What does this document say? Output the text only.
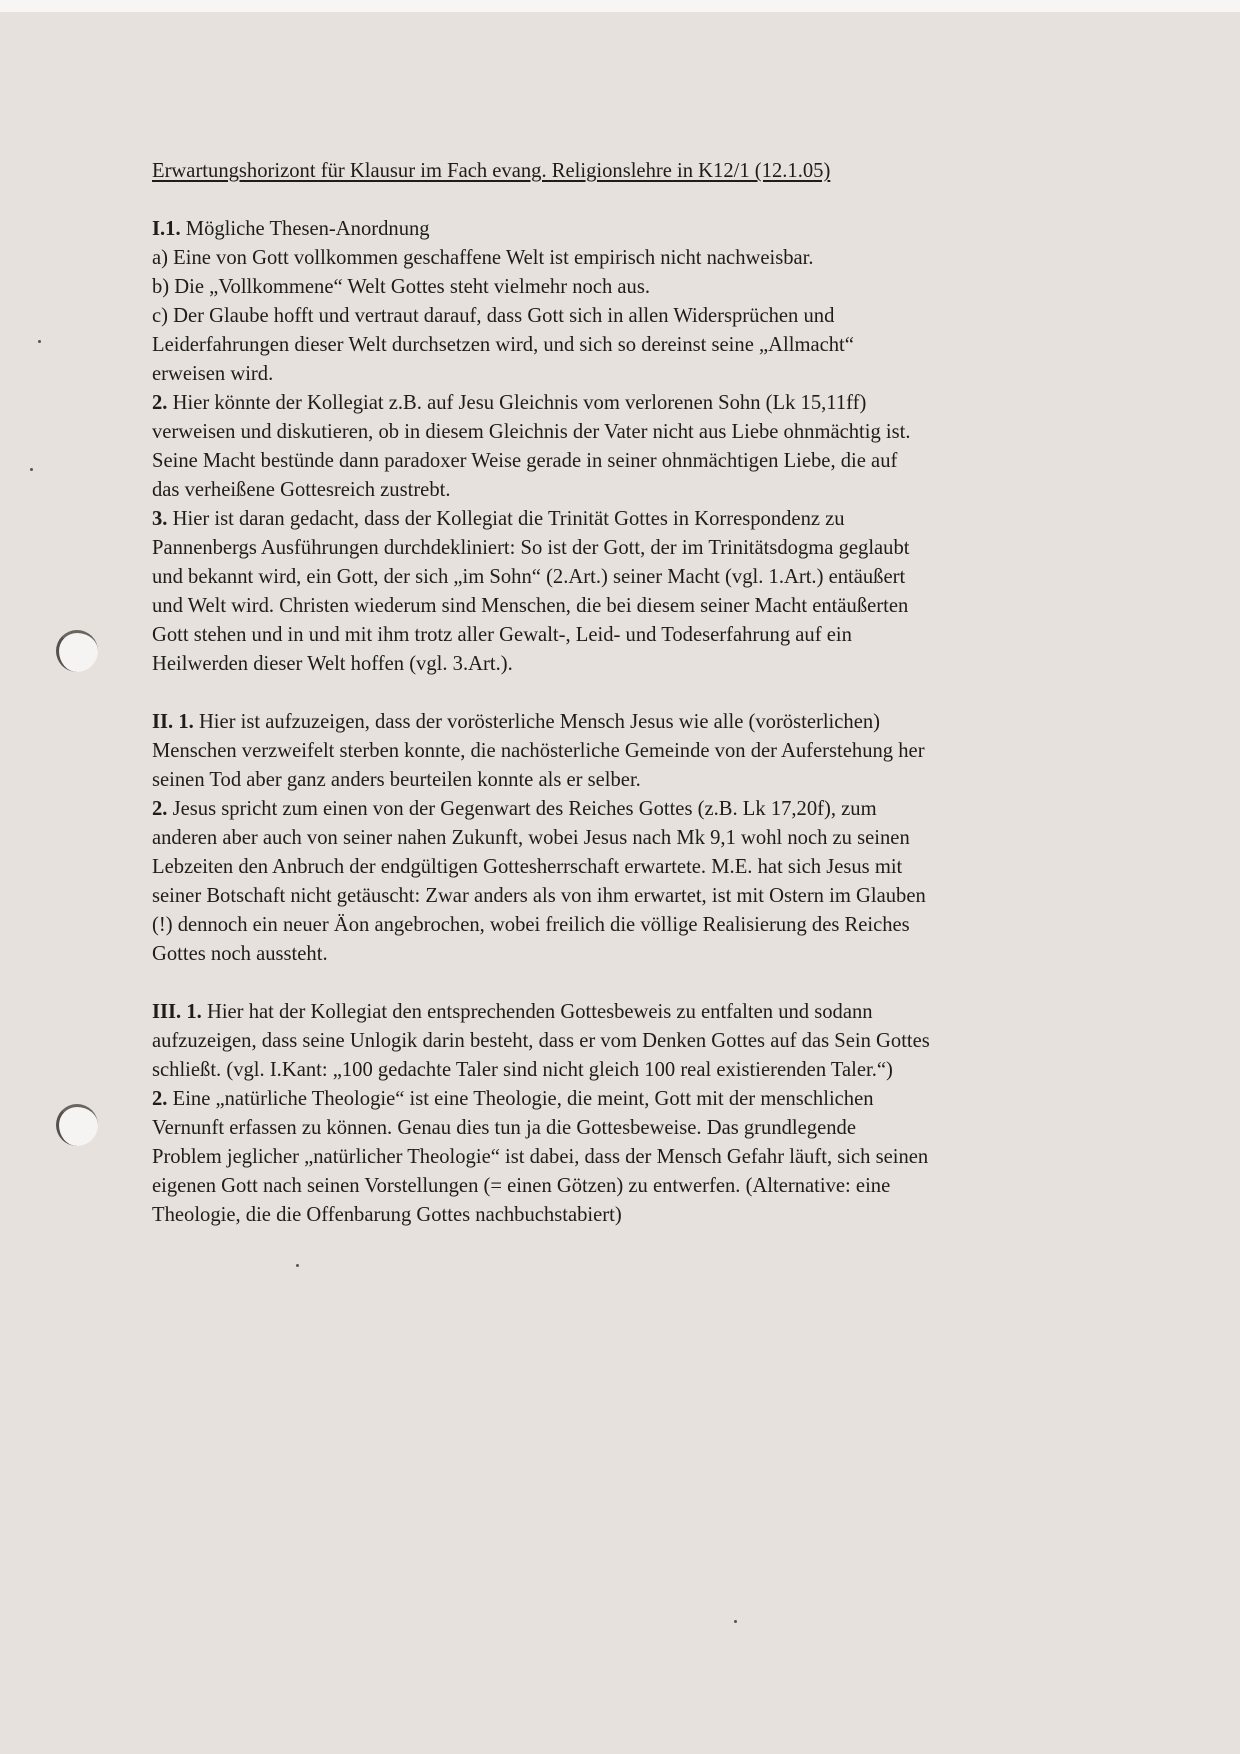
Erwartungshorizont für Klausur im Fach evang. Religionslehre in K12/1 (12.1.05)
I.1. Mögliche Thesen-Anordnung
a) Eine von Gott vollkommen geschaffene Welt ist empirisch nicht nachweisbar.
b) Die „Vollkommene“ Welt Gottes steht vielmehr noch aus.
c) Der Glaube hofft und vertraut darauf, dass Gott sich in allen Widersprüchen und
Leiderfahrungen dieser Welt durchsetzen wird, und sich so dereinst seine „Allmacht“
erweisen wird.
2. Hier könnte der Kollegiat z.B. auf Jesu Gleichnis vom verlorenen Sohn (Lk 15,11ff)
verweisen und diskutieren, ob in diesem Gleichnis der Vater nicht aus Liebe ohnmächtig ist.
Seine Macht bestünde dann paradoxer Weise gerade in seiner ohnmächtigen Liebe, die auf
das verheißene Gottesreich zustrebt.
3. Hier ist daran gedacht, dass der Kollegiat die Trinität Gottes in Korrespondenz zu
Pannenbergs Ausführungen durchdekliniert: So ist der Gott, der im Trinitätsdogma geglaubt
und bekannt wird, ein Gott, der sich „im Sohn“ (2.Art.) seiner Macht (vgl. 1.Art.) entäußert
und Welt wird. Christen wiederum sind Menschen, die bei diesem seiner Macht entäußerten
Gott stehen und in und mit ihm trotz aller Gewalt-, Leid- und Todeserfahrung auf ein
Heilwerden dieser Welt hoffen (vgl. 3.Art.).
II. 1. Hier ist aufzuzeigen, dass der vorösterliche Mensch Jesus wie alle (vorösterlichen)
Menschen verzweifelt sterben konnte, die nachösterliche Gemeinde von der Auferstehung her
seinen Tod aber ganz anders beurteilen konnte als er selber.
2. Jesus spricht zum einen von der Gegenwart des Reiches Gottes (z.B. Lk 17,20f), zum
anderen aber auch von seiner nahen Zukunft, wobei Jesus nach Mk 9,1 wohl noch zu seinen
Lebzeiten den Anbruch der endgültigen Gottesherrschaft erwartete. M.E. hat sich Jesus mit
seiner Botschaft nicht getäuscht: Zwar anders als von ihm erwartet, ist mit Ostern im Glauben
(!) dennoch ein neuer Äon angebrochen, wobei freilich die völlige Realisierung des Reiches
Gottes noch aussteht.
III. 1. Hier hat der Kollegiat den entsprechenden Gottesbeweis zu entfalten und sodann
aufzuzeigen, dass seine Unlogik darin besteht, dass er vom Denken Gottes auf das Sein Gottes
schließt. (vgl. I.Kant: „100 gedachte Taler sind nicht gleich 100 real existierenden Taler.“)
2. Eine „natürliche Theologie“ ist eine Theologie, die meint, Gott mit der menschlichen
Vernunft erfassen zu können. Genau dies tun ja die Gottesbeweise. Das grundlegende
Problem jeglicher „natürlicher Theologie“ ist dabei, dass der Mensch Gefahr läuft, sich seinen
eigenen Gott nach seinen Vorstellungen (= einen Götzen) zu entwerfen. (Alternative: eine
Theologie, die die Offenbarung Gottes nachbuchstabiert)
